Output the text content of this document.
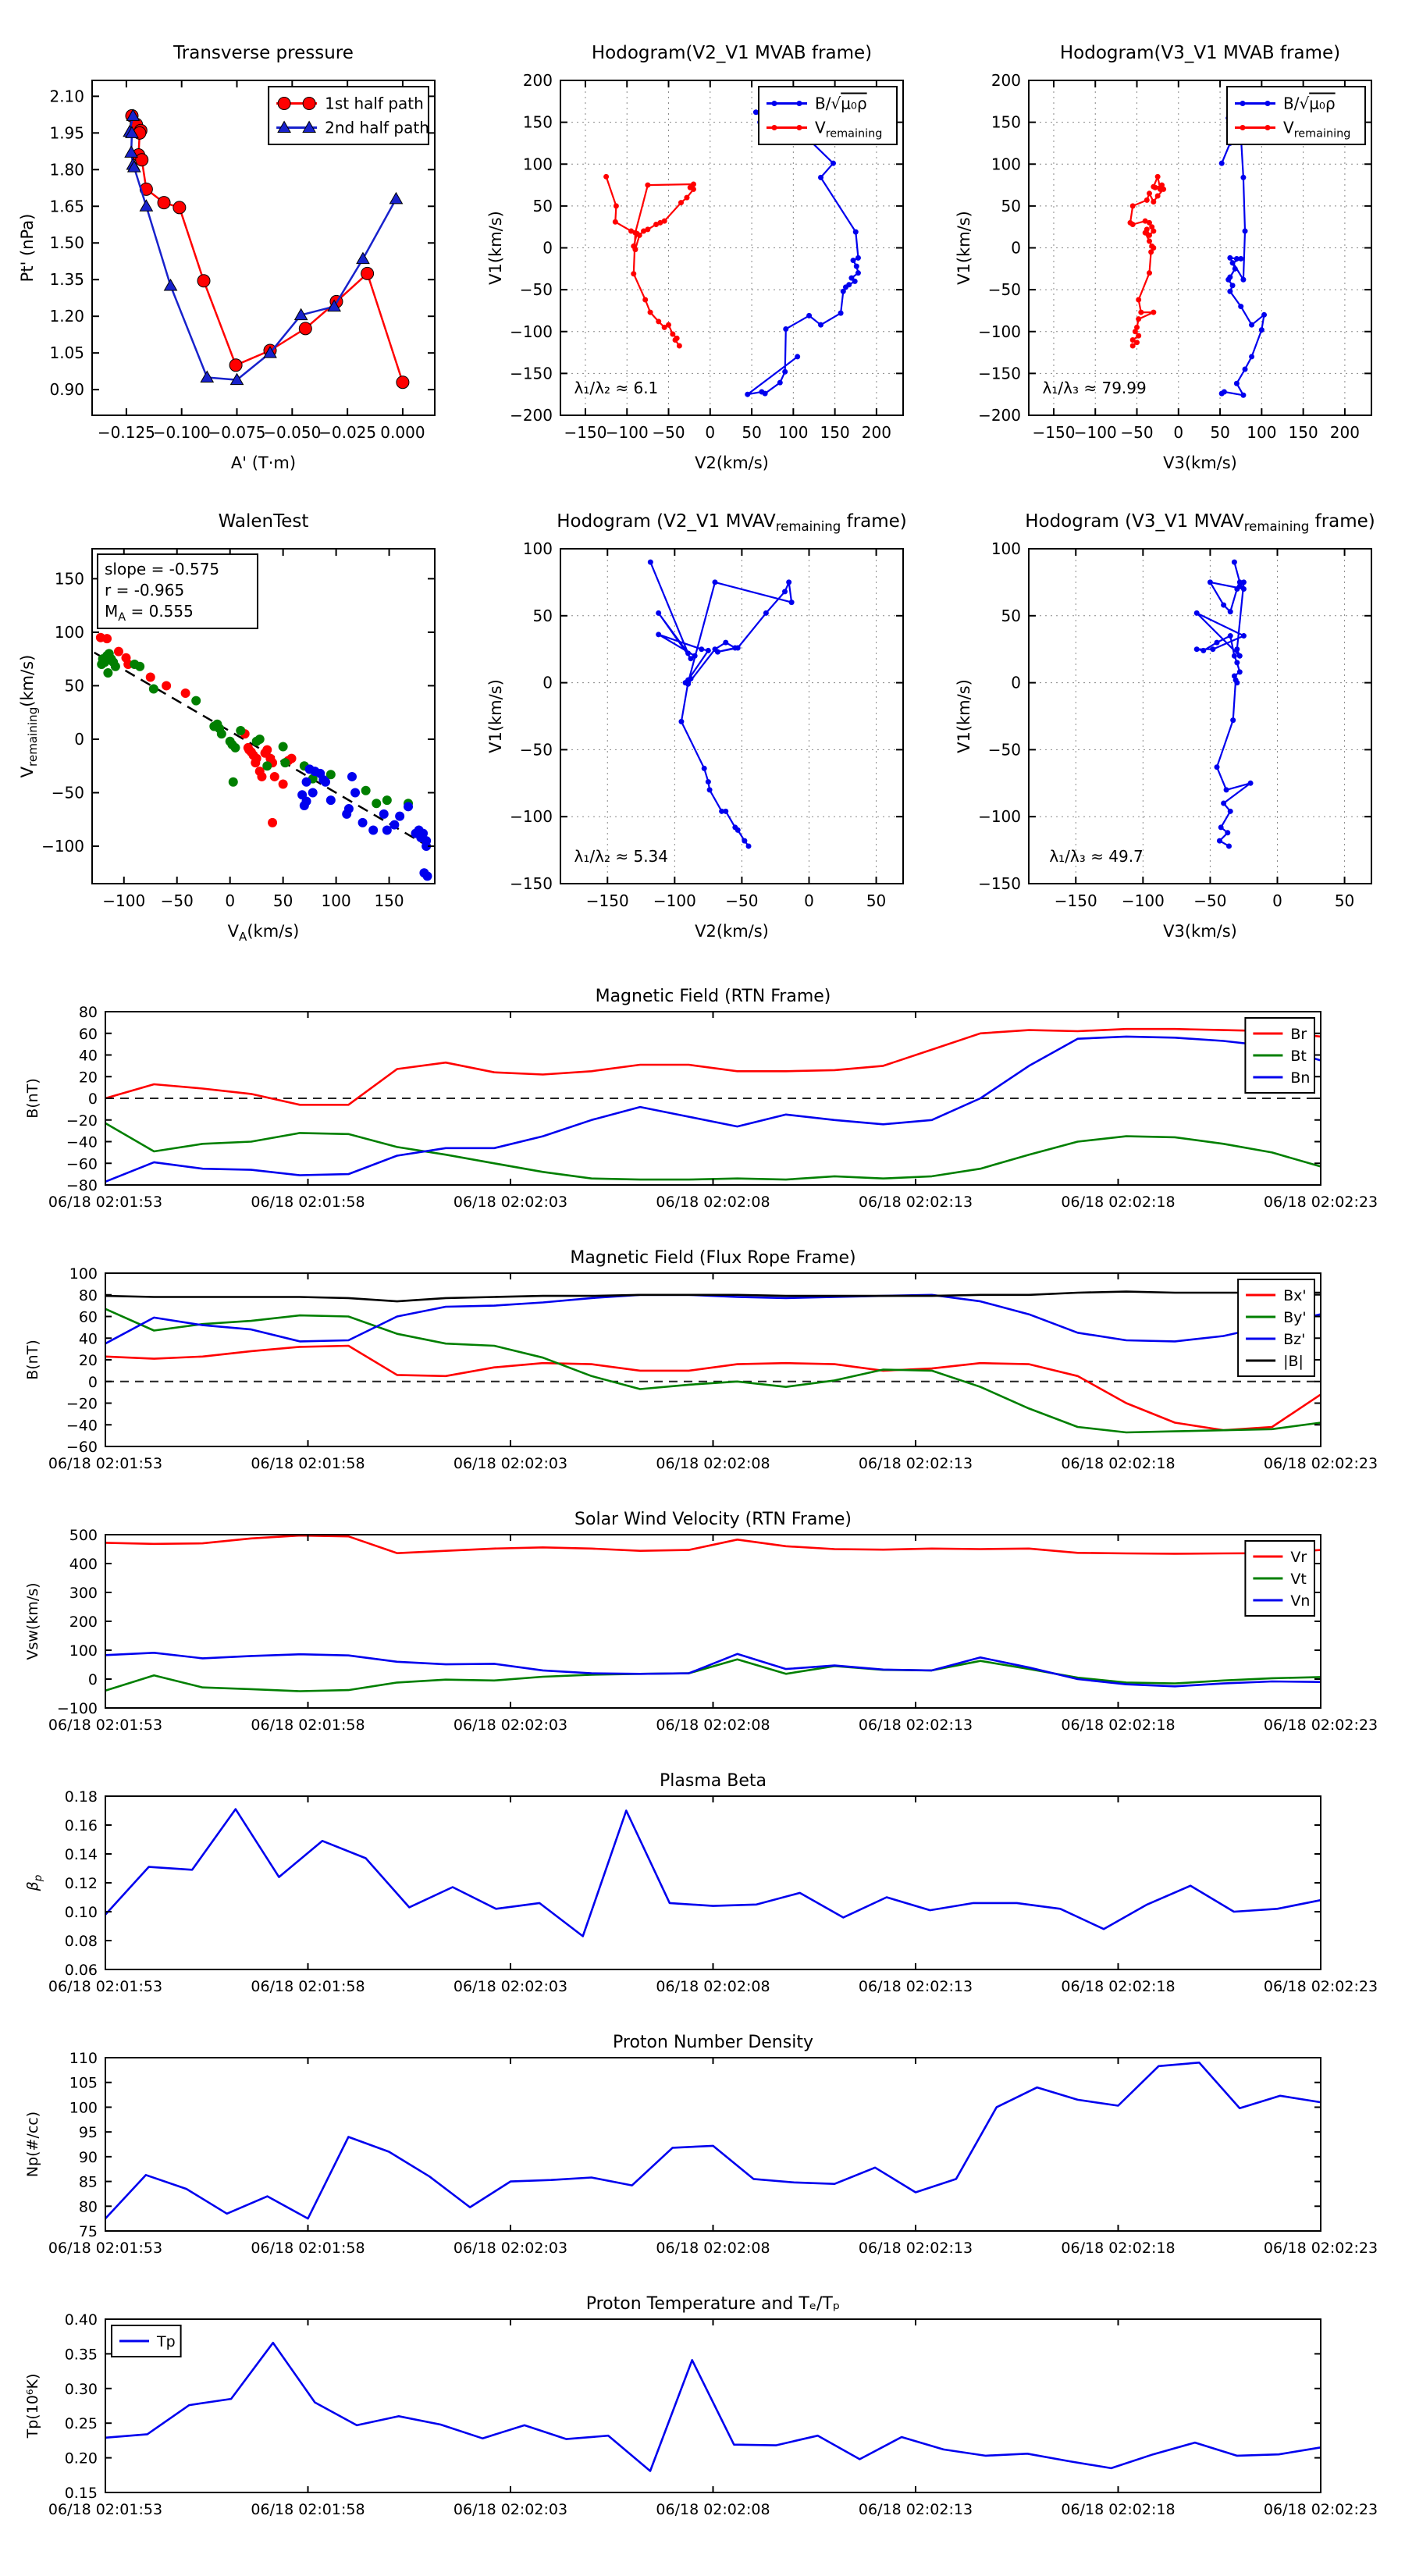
−0.125
−0.100
−0.075
−0.050
−0.025 0.000
0.90
1.05
1.20
1.35
1.50
1.65
1.80
1.95
2.10
Transverse pressure
A' (T·m)
Pt' (nPa)
1st half path
2nd half path
−150
−100 −50 0 50 100 150 200
−200
−150
−100
−50
0
50
100
150
200
Hodogram(V2_V1 MVAB frame)
V2(km/s)
V1(km/s)
λ₁/λ₂ ≈ 6.1
B/√μ₀ρ
$V_{remaining}$
−150
−100 −50 0 50 100 150 200
−200
−150
−100
−50
0
50
100
150
200
Hodogram(V3_V1 MVAB frame)
V3(km/s)
V1(km/s)
λ₁/λ₃ ≈ 79.99
B/√μ₀ρ
$V_{remaining}$
−100 −50 0 50 100 150
−100
−50
0
50
100
150
WalenTest
$V_A(km/s)$
$V_{remaining}(km/s)$
slope = -0.575
r = -0.965
$M_A = 0.555$
−150 −100 −50	0	50
−150
−100
−50
0
50
100
Hodogram (V2_V1 $MVAV_{remaining}$ frame)
V2(km/s)
V1(km/s)
λ₁/λ₂ ≈ 5.34
−150 −100 −50	0	50
−150
−100
−50
0
50
100
Hodogram (V3_V1 $MVAV_{remaining}$ frame)
V3(km/s)
V1(km/s)
λ₁/λ₃ ≈ 49.7
06/18 02:01:53	06/18 02:01:58	06/18 02:02:03	06/18 02:02:08	06/18 02:02:13	06/18 02:02:18	06/18 02:02:23
−80
−60
−40
−20
0
20
40
60
80
Magnetic Field (RTN Frame)
B(nT)
Br
Bt
Bn
06/18 02:01:53	06/18 02:01:58	06/18 02:02:03	06/18 02:02:08	06/18 02:02:13	06/18 02:02:18	06/18 02:02:23
−60
−40
−20
0
20
40
60
80
100
Magnetic Field (Flux Rope Frame)
B(nT)
Bx'
By'
Bz'
|B|
06/18 02:01:53	06/18 02:01:58	06/18 02:02:03	06/18 02:02:08	06/18 02:02:13	06/18 02:02:18	06/18 02:02:23
−100
0
100
200
300
400
500
Solar Wind Velocity (RTN Frame)
Vsw(km/s)
Vr
Vt
Vn
06/18 02:01:53	06/18 02:01:58	06/18 02:02:03	06/18 02:02:08	06/18 02:02:13	06/18 02:02:18	06/18 02:02:23
0.06
0.08
0.10
0.12
0.14
0.16
0.18
Plasma Beta
$\beta_p$
06/18 02:01:53	06/18 02:01:58	06/18 02:02:03	06/18 02:02:08	06/18 02:02:13	06/18 02:02:18	06/18 02:02:23
75
80
85
90
95
100
105
110
Proton Number Density
Np(#/cc)
06/18 02:01:53	06/18 02:01:58	06/18 02:02:03	06/18 02:02:08	06/18 02:02:13	06/18 02:02:18	06/18 02:02:23
0.15
0.20
0.25
0.30
0.35
0.40
Proton Temperature and Tₑ/Tₚ
Tp(10⁶K)
Tp
